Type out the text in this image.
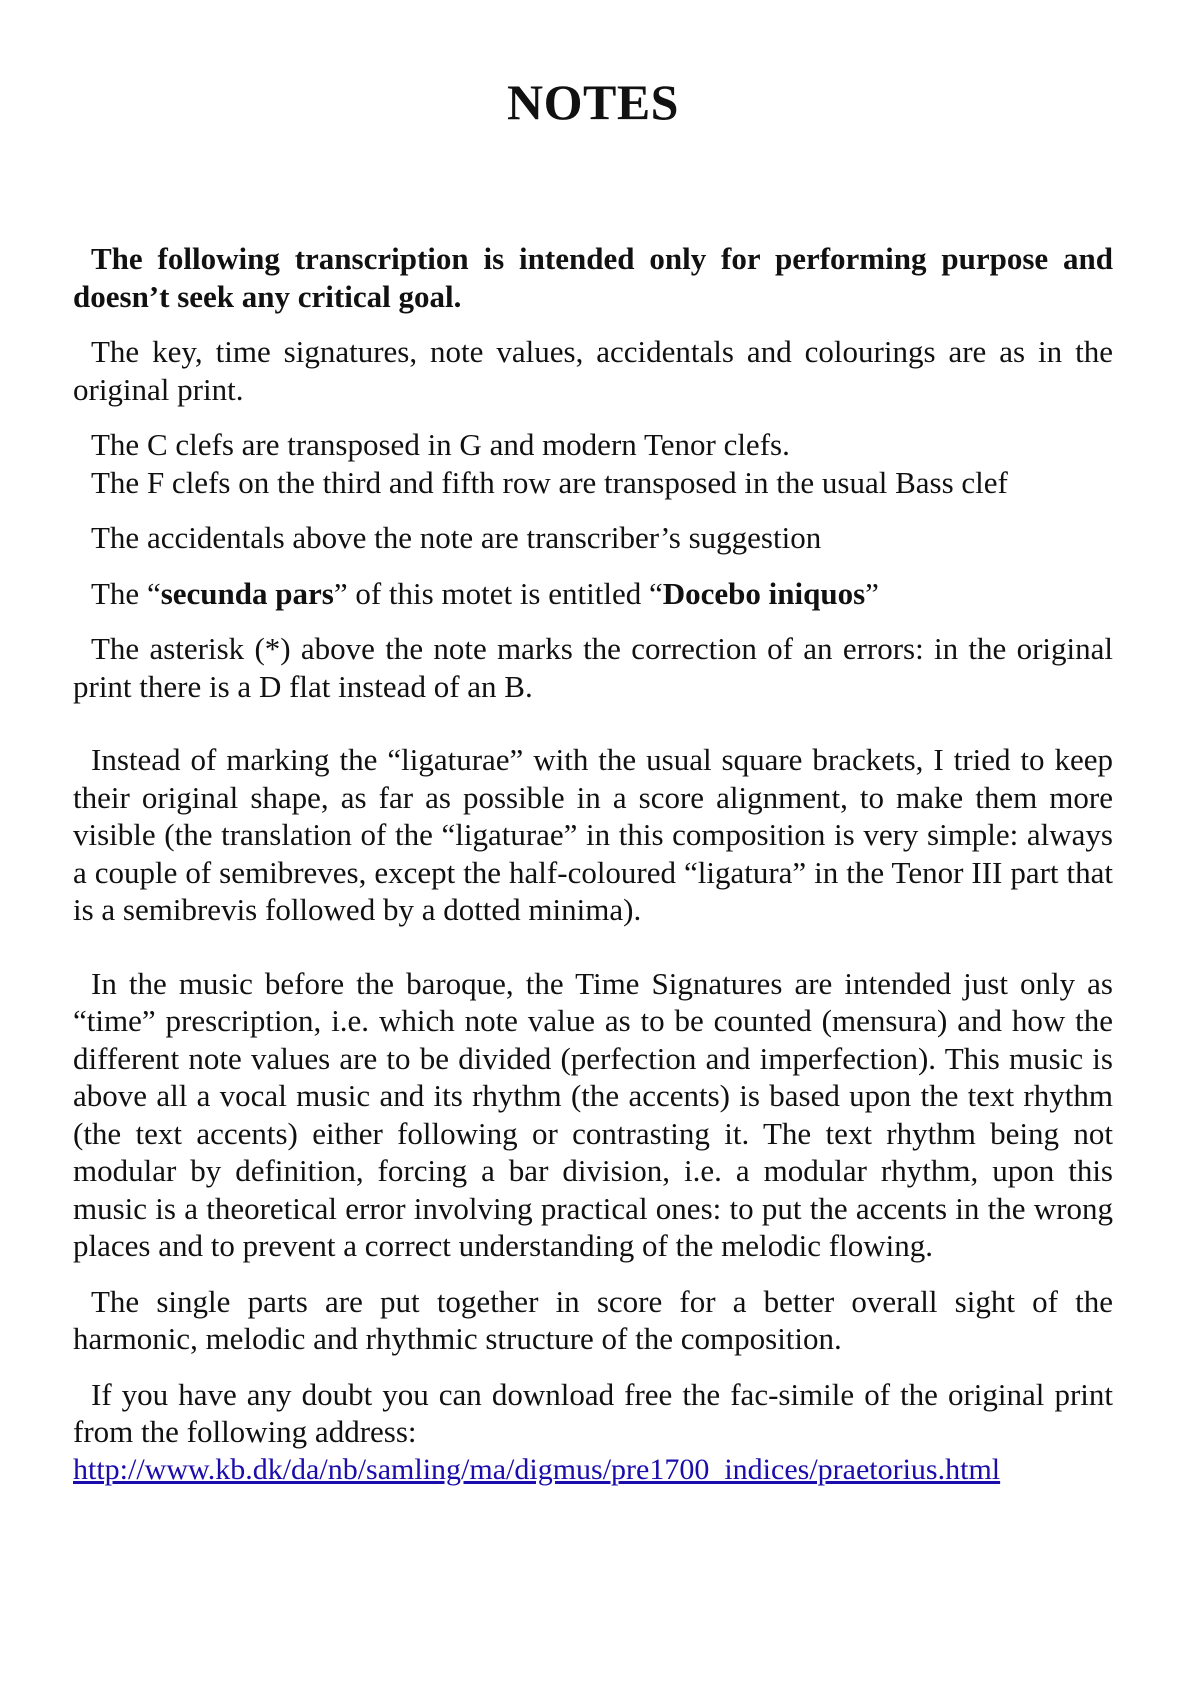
NOTES

The following transcription is intended only for performing purpose and doesn’t seek any critical goal.

The key, time signatures, note values, accidentals and colourings are as in the original print.

The C clefs are transposed in G and modern Tenor clefs.

The F clefs on the third and fifth row are transposed in the usual Bass clef

The accidentals above the note are transcriber’s suggestion

The “secunda pars” of this motet is entitled “Docebo iniquos”

The asterisk (*) above the note marks the correction of an errors: in the original print there is a D flat instead of an B.

Instead of marking the “ligaturae” with the usual square brackets, I tried to keep their original shape, as far as possible in a score alignment, to make them more visible (the translation of the “ligaturae” in this composition is very simple: always a couple of semibreves, except the half-coloured “ligatura” in the Tenor III part that is a semibrevis followed by a dotted minima).

In the music before the baroque, the Time Signatures are intended just only as “time” prescription, i.e. which note value as to be counted (mensura) and how the different note values are to be divided (perfection and imperfection). This music is above all a vocal music and its rhythm (the accents) is based upon the text rhythm (the text accents) either following or contrasting it. The text rhythm being not modular by definition, forcing a bar division, i.e. a modular rhythm, upon this music is a theoretical error involving practical ones: to put the accents in the wrong places and to prevent a correct understanding of the melodic flowing.

The single parts are put together in score for a better overall sight of the harmonic, melodic and rhythmic structure of the composition.

If you have any doubt you can download free the fac-simile of the original print from the following address:

http://www.kb.dk/da/nb/samling/ma/digmus/pre1700_indices/praetorius.html
